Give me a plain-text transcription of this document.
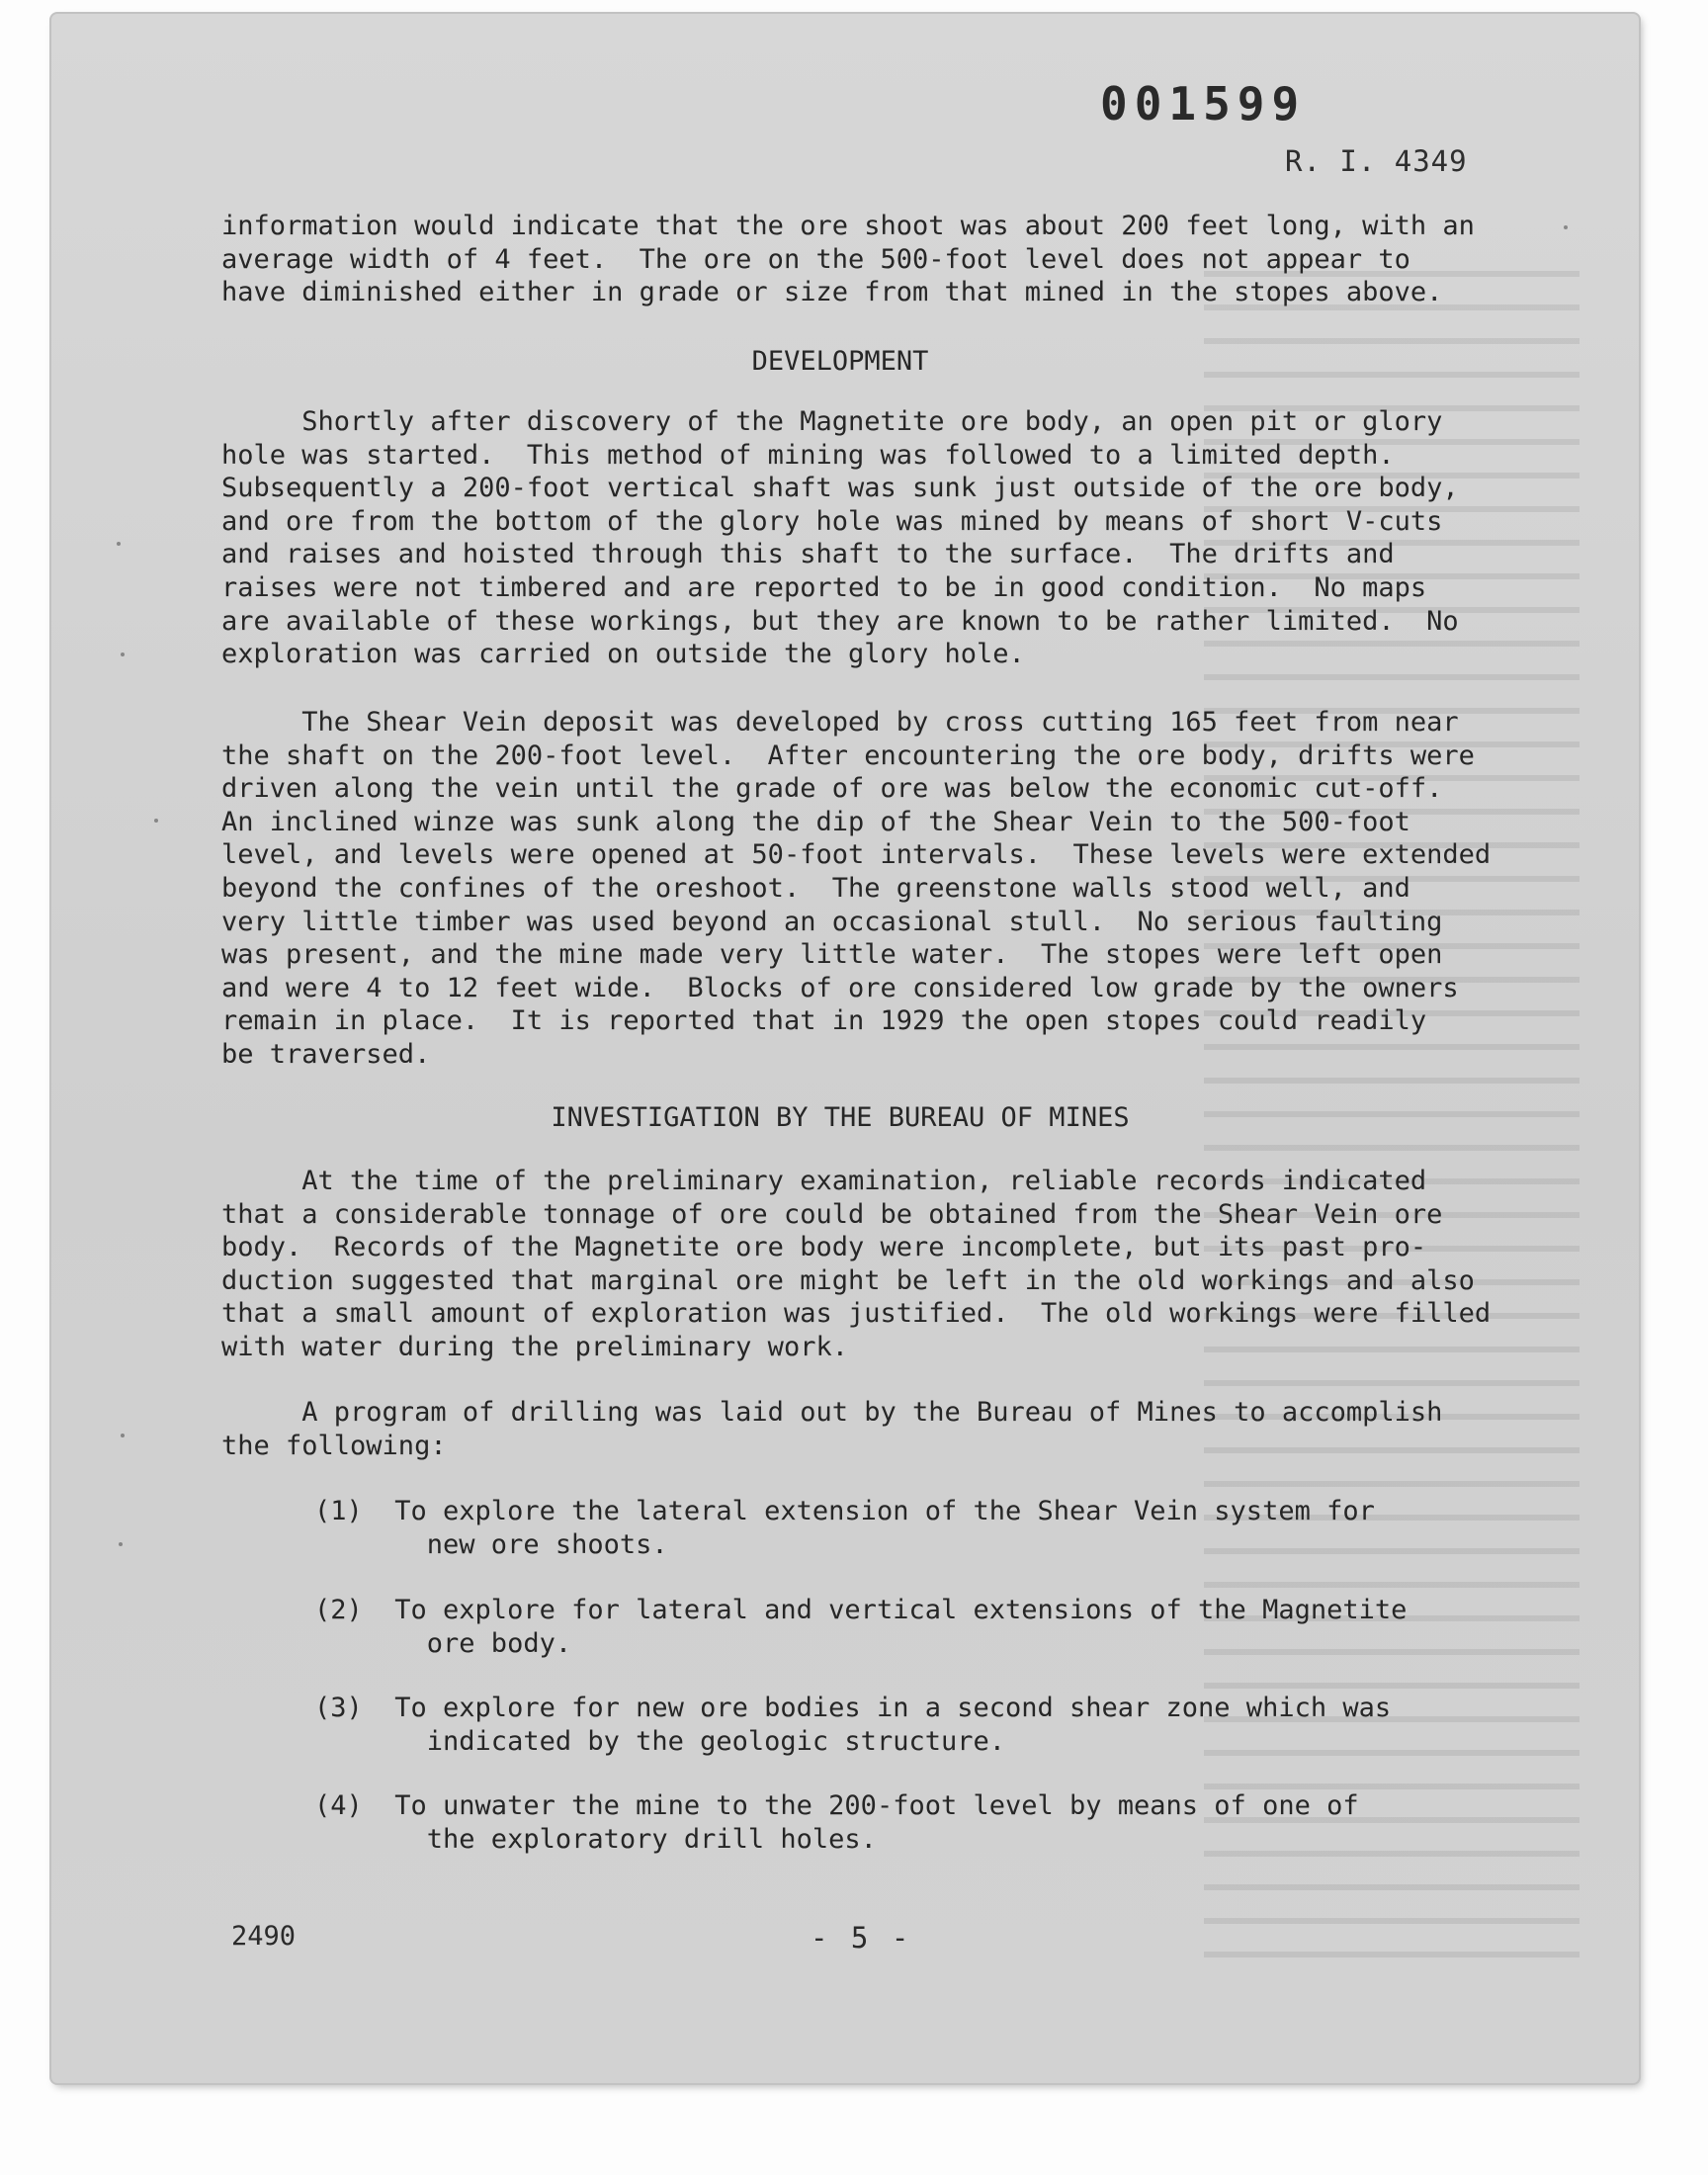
001599
R. I. 4349
information would indicate that the ore shoot was about 200 feet long, with an
average width of 4 feet.  The ore on the 500-foot level does not appear to
have diminished either in grade or size from that mined in the stopes above.
DEVELOPMENT
Shortly after discovery of the Magnetite ore body, an open pit or glory
hole was started.  This method of mining was followed to a limited depth.
Subsequently a 200-foot vertical shaft was sunk just outside of the ore body,
and ore from the bottom of the glory hole was mined by means of short V-cuts
and raises and hoisted through this shaft to the surface.  The drifts and
raises were not timbered and are reported to be in good condition.  No maps
are available of these workings, but they are known to be rather limited.  No
exploration was carried on outside the glory hole.
The Shear Vein deposit was developed by cross cutting 165 feet from near
the shaft on the 200-foot level.  After encountering the ore body, drifts were
driven along the vein until the grade of ore was below the economic cut-off.
An inclined winze was sunk along the dip of the Shear Vein to the 500-foot
level, and levels were opened at 50-foot intervals.  These levels were extended
beyond the confines of the oreshoot.  The greenstone walls stood well, and
very little timber was used beyond an occasional stull.  No serious faulting
was present, and the mine made very little water.  The stopes were left open
and were 4 to 12 feet wide.  Blocks of ore considered low grade by the owners
remain in place.  It is reported that in 1929 the open stopes could readily
be traversed.
INVESTIGATION BY THE BUREAU OF MINES
At the time of the preliminary examination, reliable records indicated
that a considerable tonnage of ore could be obtained from the Shear Vein ore
body.  Records of the Magnetite ore body were incomplete, but its past pro-
duction suggested that marginal ore might be left in the old workings and also
that a small amount of exploration was justified.  The old workings were filled
with water during the preliminary work.
A program of drilling was laid out by the Bureau of Mines to accomplish
the following:
(1)  To explore the lateral extension of the Shear Vein system for
new ore shoots.
(2)  To explore for lateral and vertical extensions of the Magnetite
ore body.
(3)  To explore for new ore bodies in a second shear zone which was
indicated by the geologic structure.
(4)  To unwater the mine to the 200-foot level by means of one of
the exploratory drill holes.
2490	- 5 -
